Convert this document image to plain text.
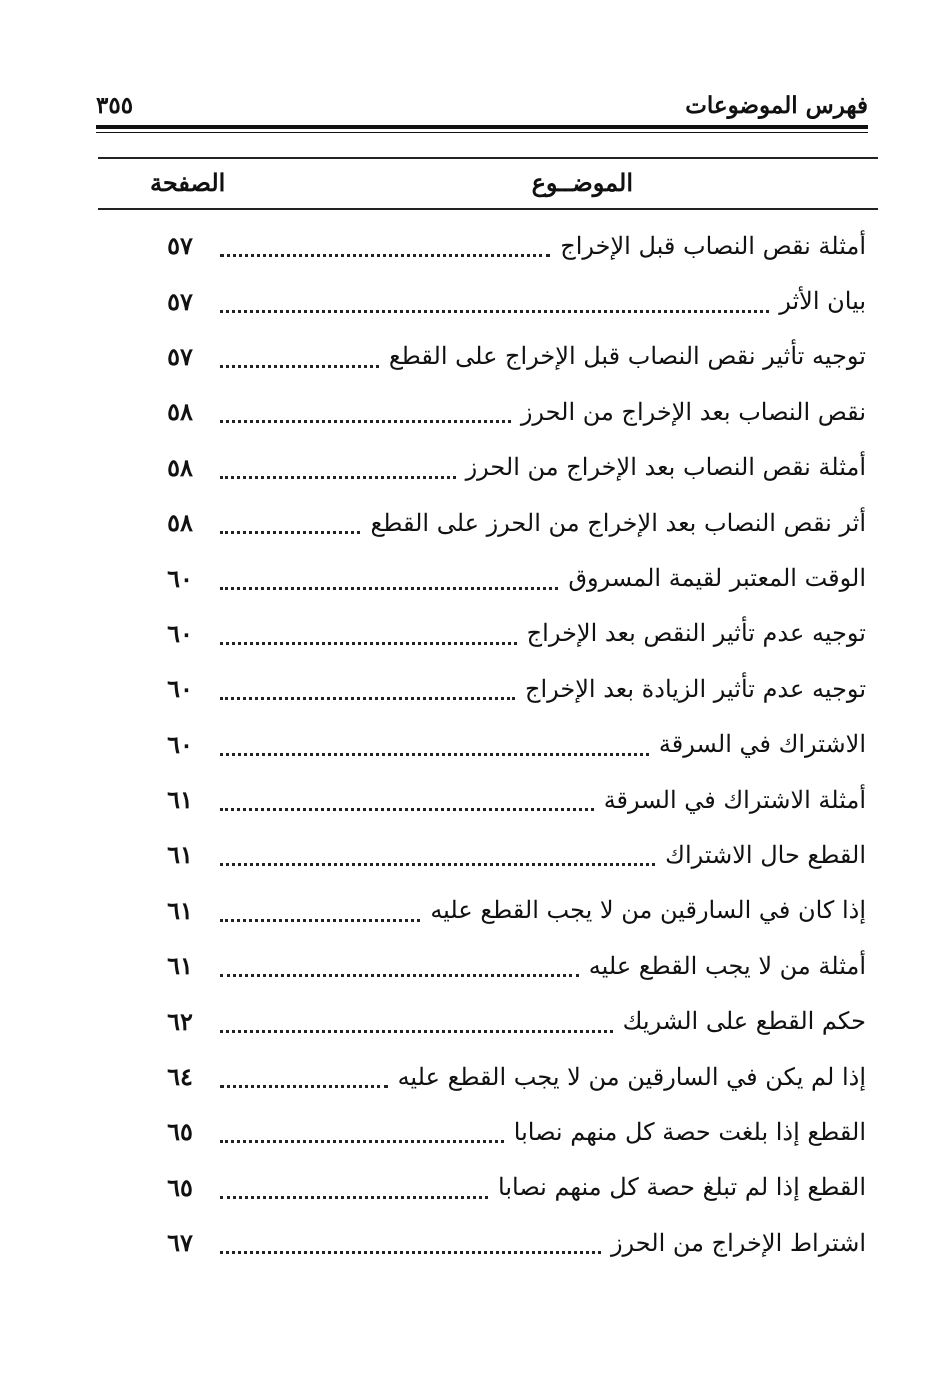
فهرس الموضوعات
٣٥٥
الموضــوع
الصفحة
أمثلة نقص النصاب قبل الإخراج
٥٧
بيان الأثر
٥٧
توجيه تأثير نقص النصاب قبل الإخراج على القطع
٥٧
نقص النصاب بعد الإخراج من الحرز
٥٨
أمثلة نقص النصاب بعد الإخراج من الحرز
٥٨
أثر نقص النصاب بعد الإخراج من الحرز على القطع
٥٨
الوقت المعتبر لقيمة المسروق
٦٠
توجيه عدم تأثير النقص بعد الإخراج
٦٠
توجيه عدم تأثير الزيادة بعد الإخراج
٦٠
الاشتراك في السرقة
٦٠
أمثلة الاشتراك في السرقة
٦١
القطع حال الاشتراك
٦١
إذا كان في السارقين من لا يجب القطع عليه
٦١
أمثلة من لا يجب القطع عليه
٦١
حكم القطع على الشريك
٦٢
إذا لم يكن في السارقين من لا يجب القطع عليه
٦٤
القطع إذا بلغت حصة كل منهم نصابا
٦٥
القطع إذا لم تبلغ حصة كل منهم نصابا
٦٥
اشتراط الإخراج من الحرز
٦٧
